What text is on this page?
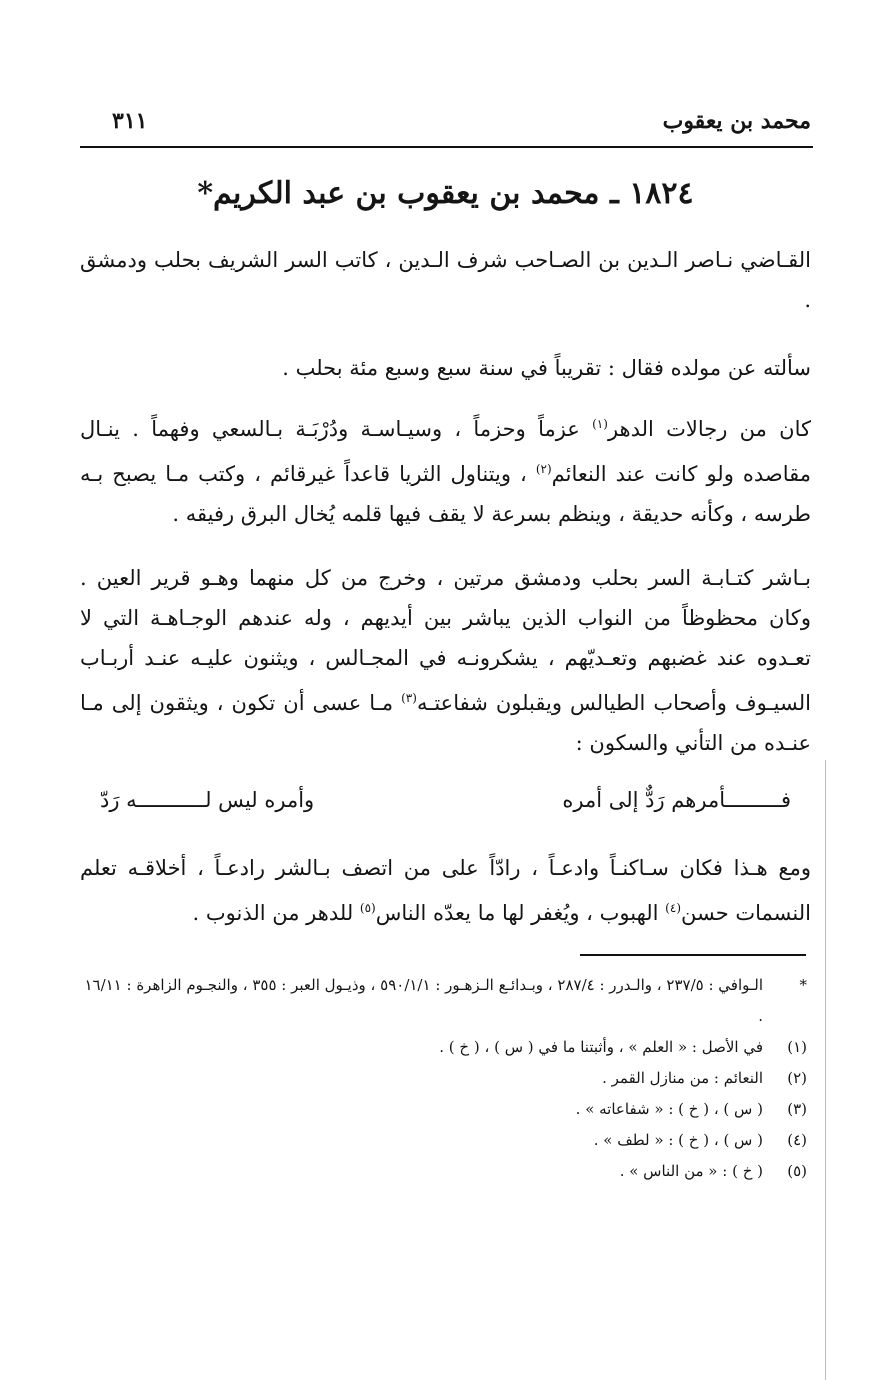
محمد بن يعقوب
٣١١
١٨٢٤ ـ محمد بن يعقوب بن عبد الكريم*

القـاضي نـاصر الـدين بن الصـاحب شرف الـدين ، كاتب السر الشريف بحلب ودمشق .

سألته عن مولده فقال : تقريباً في سنة سبع وسبع مئة بحلب .

كان من رجالات الدهر$^{(١)}$ عزماً وحزماً ، وسيـاسـة ودُرْبَـة بـالسعي وفهماً . ينـال مقاصده ولو كانت عند النعائم$^{(٢)}$ ، ويتناول الثريا قاعداً غيرقائم ، وكتب مـا يصبح بـه طرسه ، وكأنه حديقة ، وينظم بسرعة لا يقف فيها قلمه يُخال البرق رفيقه .

بـاشر كتـابـة السر بحلب ودمشق مرتين ، وخرج من كل منهما وهـو قرير العين . وكان محظوظاً من النواب الذين يباشر بين أيديهم ، وله عندهم الوجـاهـة التي لا تعـدوه عند غضبهم وتعـديّهم ، يشكرونـه في المجـالس ، ويثنون عليـه عنـد أربـاب السيـوف وأصحاب الطيالس ويقبلون شفاعتـه$^{(٣)}$ مـا عسى أن تكون ، ويثقون إلى مـا عنـده من التأني والسكون :

فـــــــــأمرهم رَدٌّ إلى أمره
وأمره ليس لـــــــــــه رَدّ

ومع هـذا فكان سـاكنـاً وادعـاً ، رادّاً على من اتصف بـالشر رادعـاً ، أخلاقـه تعلم النسمات حسن$^{(٤)}$ الهبوب ، ويُغفر لها ما يعدّه الناس$^{(٥)}$ للدهر من الذنوب .

*
الـوافي : ٢٣٧/٥ ، والـدرر : ٢٨٧/٤ ، وبـدائـع الـزهـور : ٥٩٠/١/١ ، وذيـول العبر : ٣٥٥ ، والنجـوم الزاهرة : ١٦/١١ .

(١)
في الأصل : « العلم » ، وأثبتنا ما في ( س ) ، ( خ ) .

(٢)
النعائم : من منازل القمر .

(٣)
( س ) ، ( خ ) : « شفاعاته » .

(٤)
( س ) ، ( خ ) : « لطف » .

(٥)
( خ ) : « من الناس » .
